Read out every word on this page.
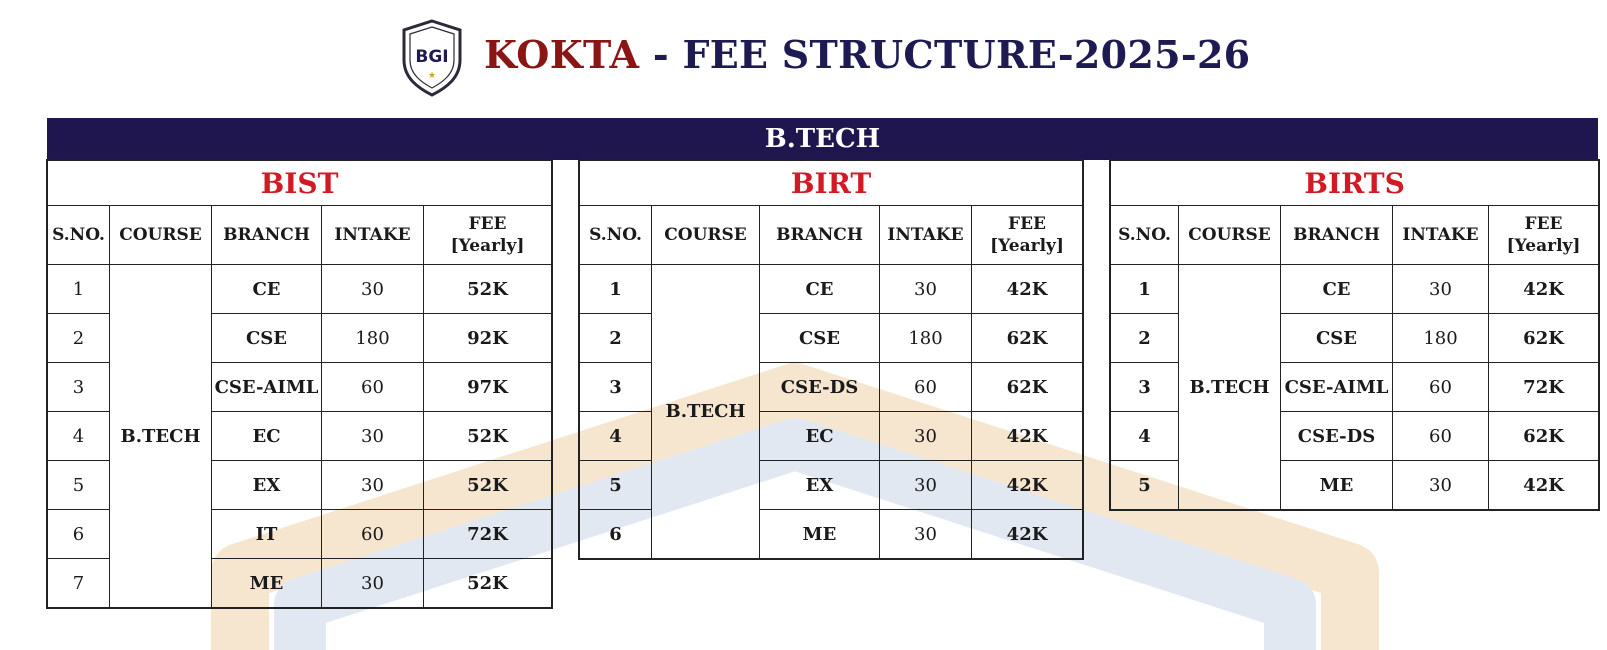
BGI
★ KOKTA - FEE STRUCTURE-2025-26
B.TECH
BIST				
S.NO.	COURSE	BRANCH	INTAKE	FEE
[Yearly]
1	B.TECH	CE	30	52K
2		CSE	180	92K
3		CSE-AIML	60	97K
4		EC	30	52K
5		EX	30	52K
6		IT	60	72K
7		ME	30	52K
BIRT				
S.NO.	COURSE	BRANCH	INTAKE	FEE
[Yearly]
1	B.TECH	CE	30	42K
2		CSE	180	62K
3		CSE-DS	60	62K
4		EC	30	42K
5		EX	30	42K
6		ME	30	42K
BIRTS				
S.NO.	COURSE	BRANCH	INTAKE	FEE
[Yearly]
1	B.TECH	CE	30	42K
2		CSE	180	62K
3		CSE-AIML	60	72K
4		CSE-DS	60	62K
5		ME	30	42K
